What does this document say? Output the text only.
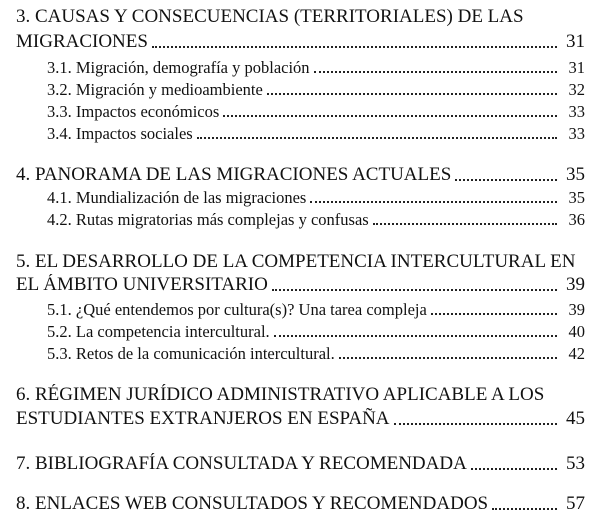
3. CAUSAS Y CONSECUENCIAS (TERRITORIALES) DE LAS
MIGRACIONES	31
3.1. Migración, demografía y población	31
3.2. Migración y medioambiente	32
3.3. Impactos económicos	33
3.4. Impactos sociales	33
4. PANORAMA DE LAS MIGRACIONES ACTUALES	35
4.1. Mundialización de las migraciones	35
4.2. Rutas migratorias más complejas y confusas	36
5. EL DESARROLLO DE LA COMPETENCIA INTERCULTURAL EN
EL ÁMBITO UNIVERSITARIO	39
5.1. ¿Qué entendemos por cultura(s)? Una tarea compleja	39
5.2. La competencia intercultural.	40
5.3. Retos de la comunicación intercultural.	42
6. RÉGIMEN JURÍDICO ADMINISTRATIVO APLICABLE A LOS
ESTUDIANTES EXTRANJEROS EN ESPAÑA	45
7. BIBLIOGRAFÍA CONSULTADA Y RECOMENDADA	53
8. ENLACES WEB CONSULTADOS Y RECOMENDADOS	57
